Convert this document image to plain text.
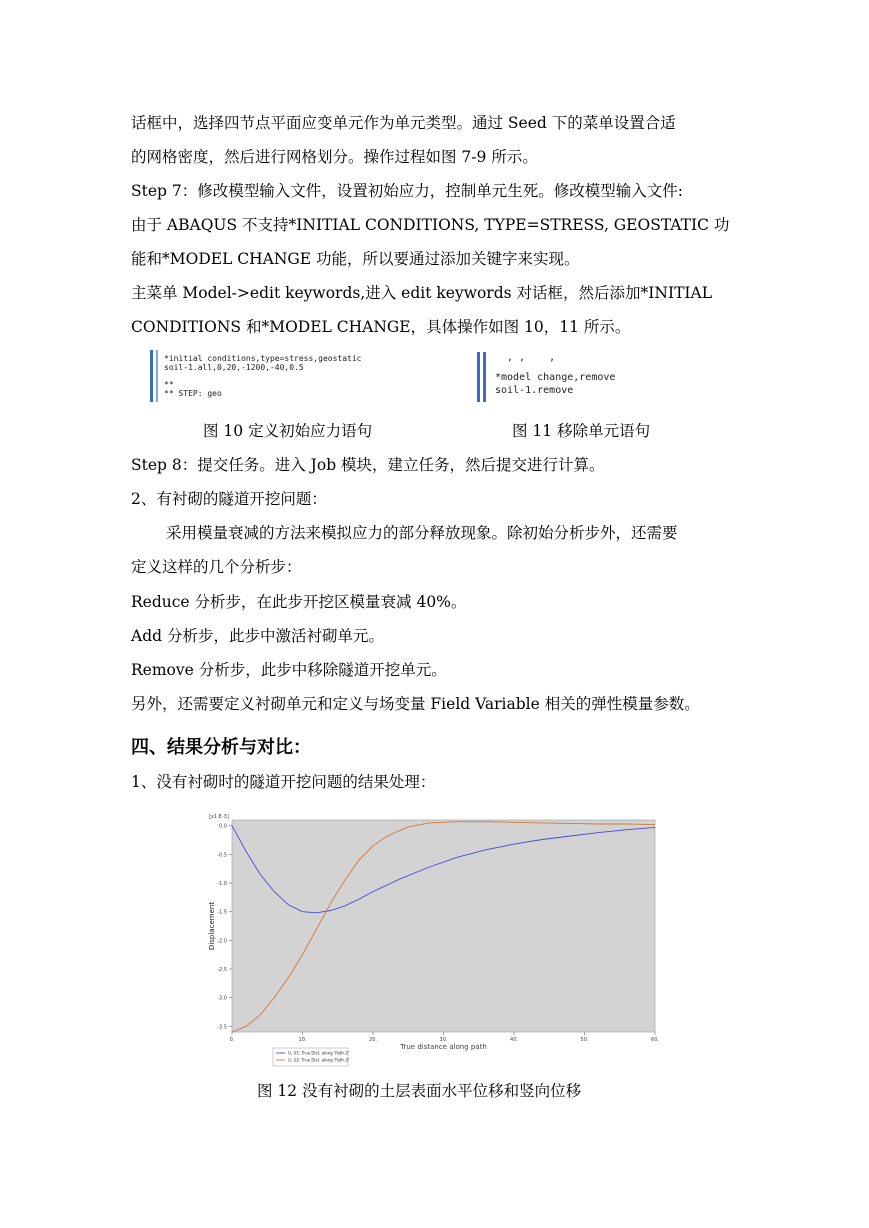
话框中，选择四节点平面应变单元作为单元类型。通过 Seed 下的菜单设置合适
的网格密度，然后进行网格划分。操作过程如图 7-9 所示。
Step 7：修改模型输入文件，设置初始应力，控制单元生死。修改模型输入文件:
由于 ABAQUS 不支持*INITIAL CONDITIONS, TYPE=STRESS, GEOSTATIC 功
能和*MODEL CHANGE 功能，所以要通过添加关键字来实现。
主菜单 Model->edit keywords,进入 edit keywords 对话框，然后添加*INITIAL
CONDITIONS 和*MODEL CHANGE，具体操作如图 10，11 所示。
*initial conditions,type=stress,geostatic
soil-1.all,0,20,-1200,-40,0.5
**
** STEP: geo
, ,    ,
*model change,remove
soil-1.remove
图 10 定义初始应力语句	图 11 移除单元语句
Step 8：提交任务。进入 Job 模块，建立任务，然后提交进行计算。
2、有衬砌的隧道开挖问题：
采用模量衰减的方法来模拟应力的部分释放现象。除初始分析步外，还需要
定义这样的几个分析步：
Reduce 分析步，在此步开挖区模量衰减 40%。
Add 分析步，此步中激活衬砌单元。
Remove 分析步，此步中移除隧道开挖单元。
另外，还需要定义衬砌单元和定义与场变量 Field Variable 相关的弹性模量参数。
四、结果分析与对比：
1、没有衬砌时的隧道开挖问题的结果处理：
[x1.E-3]
0.0
-0.5
-1.0
-1.5
-2.0
-2.5
-3.0
-3.5
0.	10.	20.	30.	40.	50.	60.
True distance along path
Displacement
U, U1: True Dist. along 'Path-2'
U, U2: True Dist. along 'Path-3'
图 12 没有衬砌的土层表面水平位移和竖向位移
